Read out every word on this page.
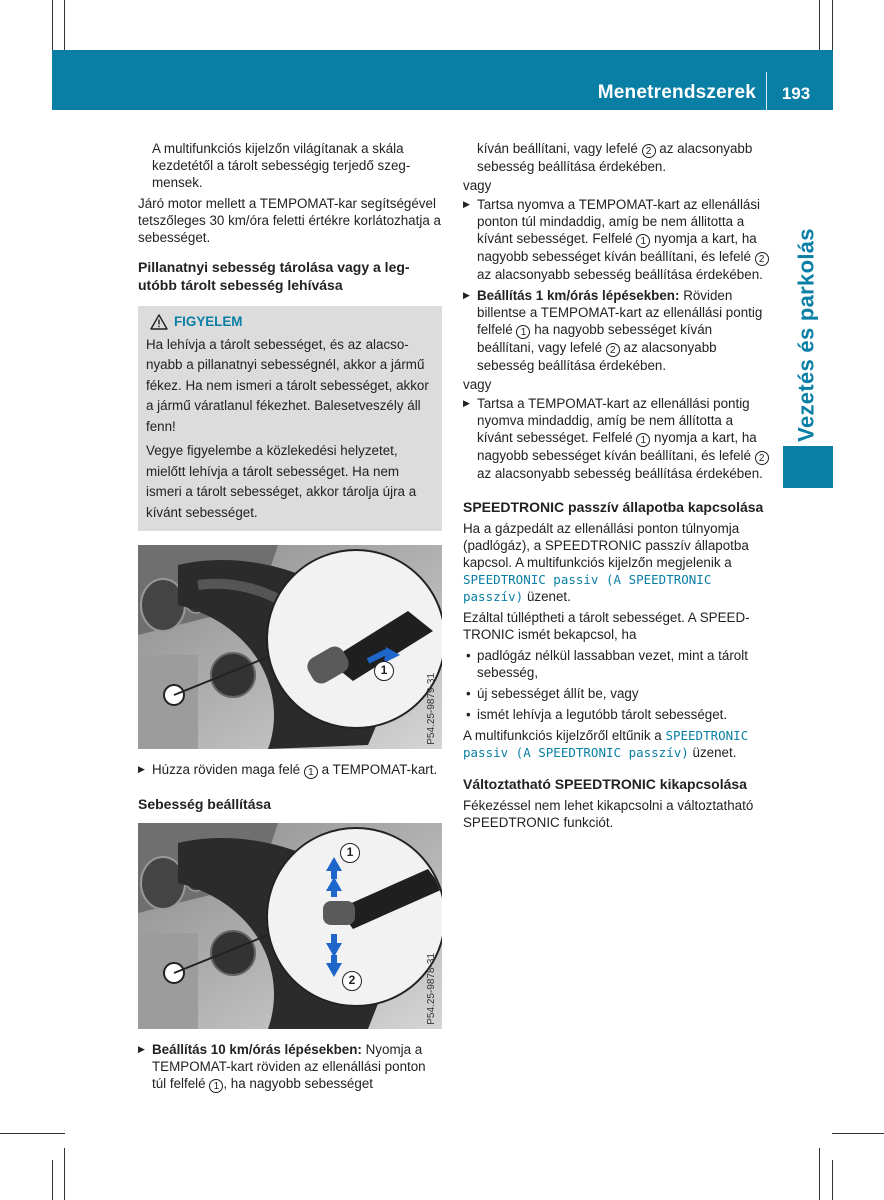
Menetrendszerek	193
Vezetés és parkolás

A multifunkciós kijelzőn világítanak a skála kezdetétől a tárolt sebességig terjedő szegmensek.

Járó motor mellett a TEMPOMAT-kar segítségével tetszőleges 30 km/óra feletti értékre korlátozhatja a sebességet.

Pillanatnyi sebesség tárolása vagy a legutóbb tárolt sebesség lehívása

FIGYELEM

Ha lehívja a tárolt sebességet, és az alacsonyabb a pillanatnyi sebességnél, akkor a jármű fékez. Ha nem ismeri a tárolt sebességet, akkor a jármű váratlanul fékezhet. Balesetveszély áll fenn!

Vegye figyelembe a közlekedési helyzetet, mielőtt lehívja a tárolt sebességet. Ha nem ismeri a tárolt sebességet, akkor tárolja újra a kívánt sebességet.

1
P54.25-9879-31

▶ Húzza röviden maga felé 1 a TEMPOMAT-kart.

Sebesség beállítása

1
2	P54.25-9878-31

▶ Beállítás 10 km/órás lépésekben: Nyomja a TEMPOMAT-kart röviden az ellenállási ponton túl felfelé 1 , ha nagyobb sebességet

kíván beállítani, vagy lefelé 2 az alacsonyabb sebesség beállítása érdekében.

vagy

▶ Tartsa nyomva a TEMPOMAT-kart az ellenállási ponton túl mindaddig, amíg be nem állitotta a kívánt sebességet. Felfelé 1 nyomja a kart, ha nagyobb sebességet kíván beállítani, és lefelé 2 az alacsonyabb sebesség beállítása érdekében.

▶ Beállítás 1 km/órás lépésekben: Röviden billentse a TEMPOMAT-kart az ellenállási pontig felfelé 1 ha nagyobb sebességet kíván beállítani, vagy lefelé 2 az alacsonyabb sebesség beállítása érdekében.

vagy

▶ Tartsa a TEMPOMAT-kart az ellenállási pontig nyomva mindaddig, amíg be nem állította a kívánt sebességet. Felfelé 1 nyomja a kart, ha nagyobb sebességet kíván beállítani, és lefelé 2 az alacsonyabb sebesség beállítása érdekében.

SPEEDTRONIC passzív állapotba kapcsolása

Ha a gázpedált az ellenállási ponton túlnyomja (padlógáz), a SPEEDTRONIC passzív állapotba kapcsol. A multifunkciós kijelzőn megjelenik a SPEEDTRONIC passiv (A SPEEDTRONIC passzív) üzenet.

Ezáltal túlléptheti a tárolt sebességet. A SPEEDTRONIC ismét bekapcsol, ha

• padlógáz nélkül lassabban vezet, mint a tárolt sebesség,

• új sebességet állít be, vagy

• ismét lehívja a legutóbb tárolt sebességet.

A multifunkciós kijelzőről eltűnik a SPEEDTRONIC passiv (A SPEEDTRONIC passzív) üzenet.

Változtatható SPEEDTRONIC kikapcsolása

Fékezéssel nem lehet kikapcsolni a változtatható SPEEDTRONIC funkciót.
